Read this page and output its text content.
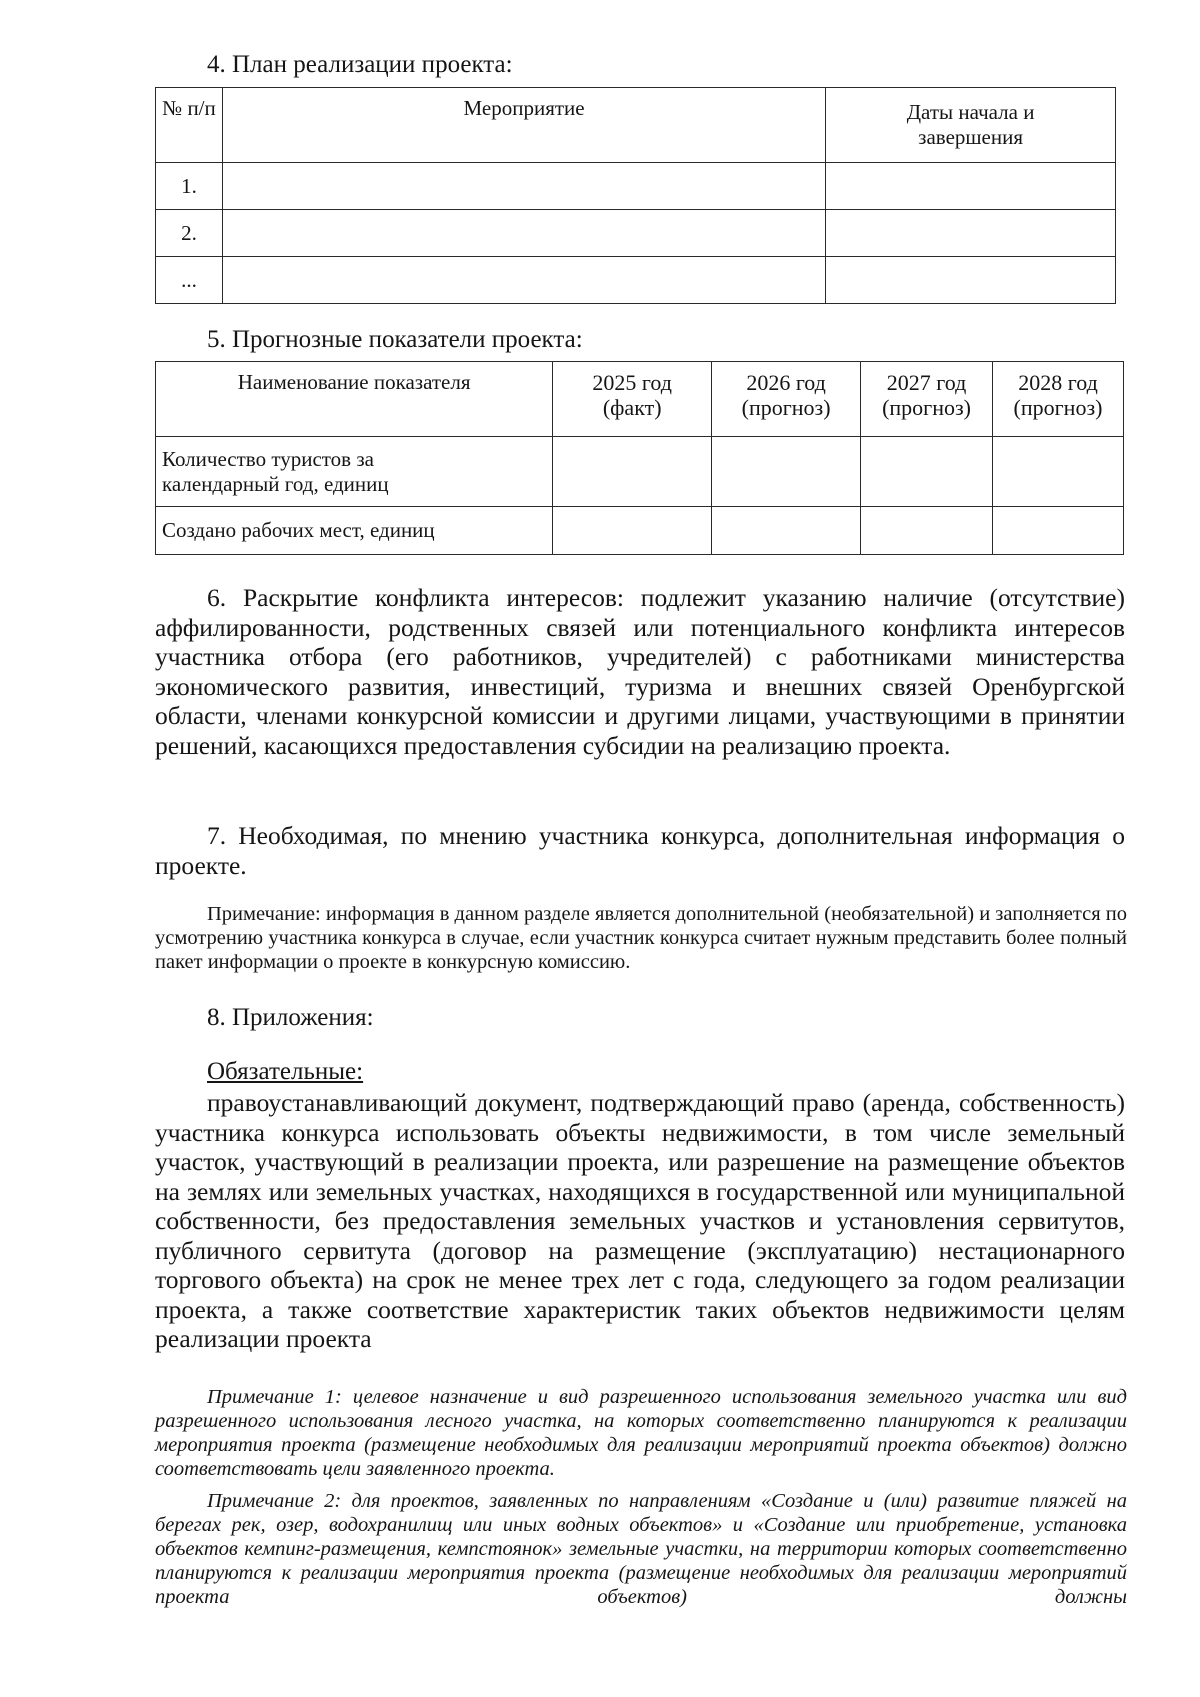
4. План реализации проекта:
№ п/п	Мероприятие	Даты начала и завершения
1.		
2.		
...		
5. Прогнозные показатели проекта:
Наименование показателя	2025 год (факт)	2026 год (прогноз)	2027 год (прогноз)	2028 год (прогноз)
Количество туристов за календарный год, единиц				
Создано рабочих мест, единиц				
6. Раскрытие конфликта интересов: подлежит указанию наличие (отсутствие) аффилированности, родственных связей или потенциального конфликта интересов участника отбора (его работников, учредителей) с работниками министерства экономического развития, инвестиций, туризма и внешних связей Оренбургской области, членами конкурсной комиссии и другими лицами, участвующими в принятии решений, касающихся предоставления субсидии на реализацию проекта.
7. Необходимая, по мнению участника конкурса, дополнительная информация о проекте.
Примечание: информация в данном разделе является дополнительной (необязательной) и заполняется по усмотрению участника конкурса в случае, если участник конкурса считает нужным представить более полный пакет информации о проекте в конкурсную комиссию.
8. Приложения:
Обязательные:
правоустанавливающий документ, подтверждающий право (аренда, собственность) участника конкурса использовать объекты недвижимости, в том числе земельный участок, участвующий в реализации проекта, или разрешение на размещение объектов на землях или земельных участках, находящихся в государственной или муниципальной собственности, без предоставления земельных участков и установления сервитутов, публичного сервитута (договор на размещение (эксплуатацию) нестационарного торгового объекта) на срок не менее трех лет с года, следующего за годом реализации проекта, а также соответствие характеристик таких объектов недвижимости целям реализации проекта
Примечание 1: целевое назначение и вид разрешенного использования земельного участка или вид разрешенного использования лесного участка, на которых соответственно планируются к реализации мероприятия проекта (размещение необходимых для реализации мероприятий проекта объектов) должно соответствовать цели заявленного проекта.
Примечание 2: для проектов, заявленных по направлениям «Создание и (или) развитие пляжей на берегах рек, озер, водохранилищ или иных водных объектов» и «Создание или приобретение, установка объектов кемпинг-размещения, кемпстоянок» земельные участки, на территории которых соответственно планируются к реализации мероприятия проекта (размещение необходимых для реализации мероприятий проекта объектов) должны
